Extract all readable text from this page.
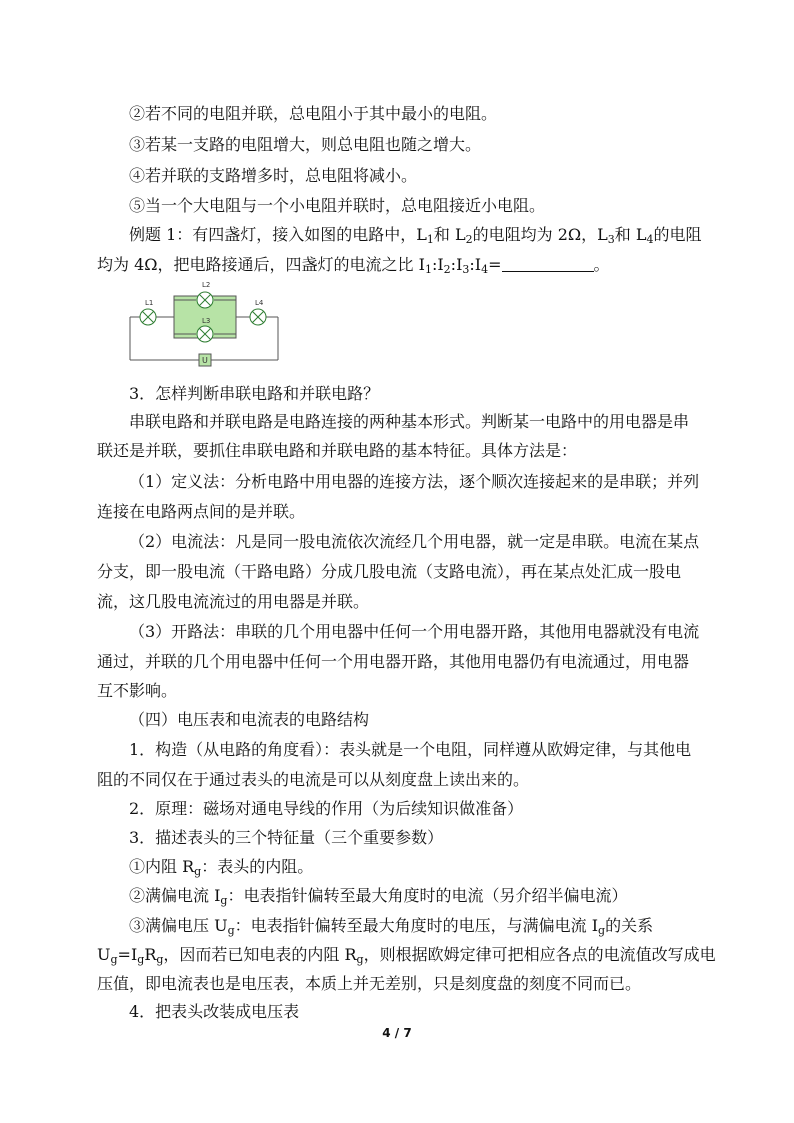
②若不同的电阻并联，总电阻小于其中最小的电阻。
③若某一支路的电阻增大，则总电阻也随之增大。
④若并联的支路增多时，总电阻将减小。
⑤当一个大电阻与一个小电阻并联时，总电阻接近小电阻。
例题 1：有四盏灯，接入如图的电路中，$L_1$和 $L_2$的电阻均为 2Ω，$L_3$和 $L_4$的电阻
均为 4Ω，把电路接通后，四盏灯的电流之比 $I_1:I_2:I_3:I_4=$	。
L1
L2
L3
L4
U
3．怎样判断串联电路和并联电路？
串联电路和并联电路是电路连接的两种基本形式。判断某一电路中的用电器是串
联还是并联，要抓住串联电路和并联电路的基本特征。具体方法是：
（1）定义法：分析电路中用电器的连接方法，逐个顺次连接起来的是串联；并列
连接在电路两点间的是并联。
（2）电流法：凡是同一股电流依次流经几个用电器，就一定是串联。电流在某点
分支，即一股电流（干路电路）分成几股电流（支路电流），再在某点处汇成一股电
流，这几股电流流过的用电器是并联。
（3）开路法：串联的几个用电器中任何一个用电器开路，其他用电器就没有电流
通过，并联的几个用电器中任何一个用电器开路，其他用电器仍有电流通过，用电器
互不影响。
（四）电压表和电流表的电路结构
1．构造（从电路的角度看）：表头就是一个电阻，同样遵从欧姆定律，与其他电
阻的不同仅在于通过表头的电流是可以从刻度盘上读出来的。
2．原理：磁场对通电导线的作用（为后续知识做准备）
3．描述表头的三个特征量（三个重要参数）
①内阻 $R_g$：表头的内阻。
②满偏电流 $I_g$：电表指针偏转至最大角度时的电流（另介绍半偏电流）
③满偏电压 $U_g$：电表指针偏转至最大角度时的电压，与满偏电流 $I_g$的关系
$U_g=I_gR_g$，因而若已知电表的内阻 $R_g$，则根据欧姆定律可把相应各点的电流值改写成电
压值，即电流表也是电压表，本质上并无差别，只是刻度盘的刻度不同而已。
4．把表头改装成电压表
4 / 7
